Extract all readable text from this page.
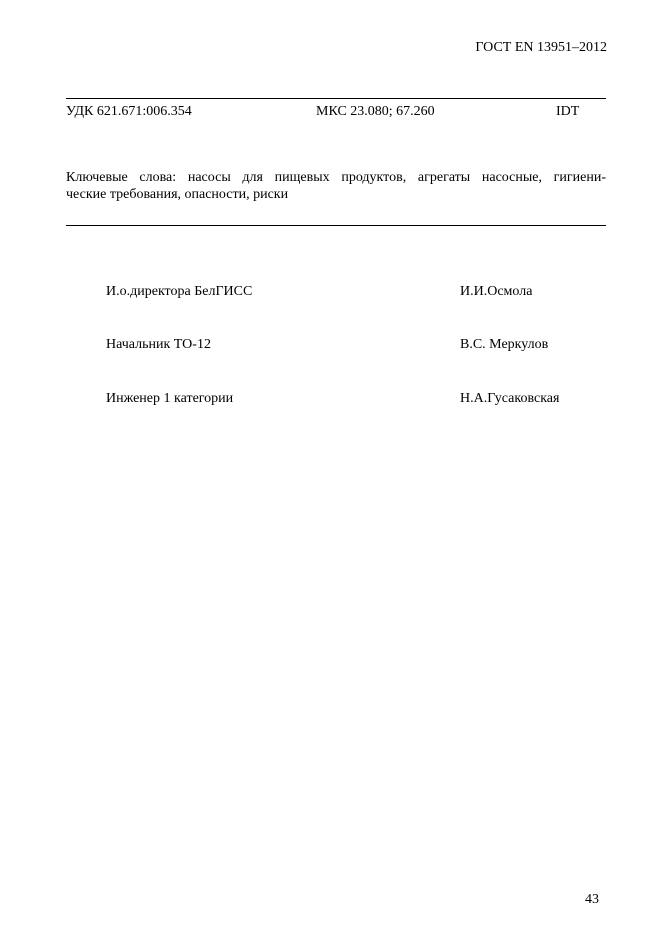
ГОСТ EN 13951–2012
УДК 621.671:006.354	МКС 23.080; 67.260	IDT
Ключевые слова: насосы для пищевых продуктов, агрегаты насосные, гигиени-
ческие требования, опасности, риски
И.о.директора БелГИСС	И.И.Осмола
Начальник ТО-12	В.С. Меркулов
Инженер 1 категории	Н.А.Гусаковская
43
